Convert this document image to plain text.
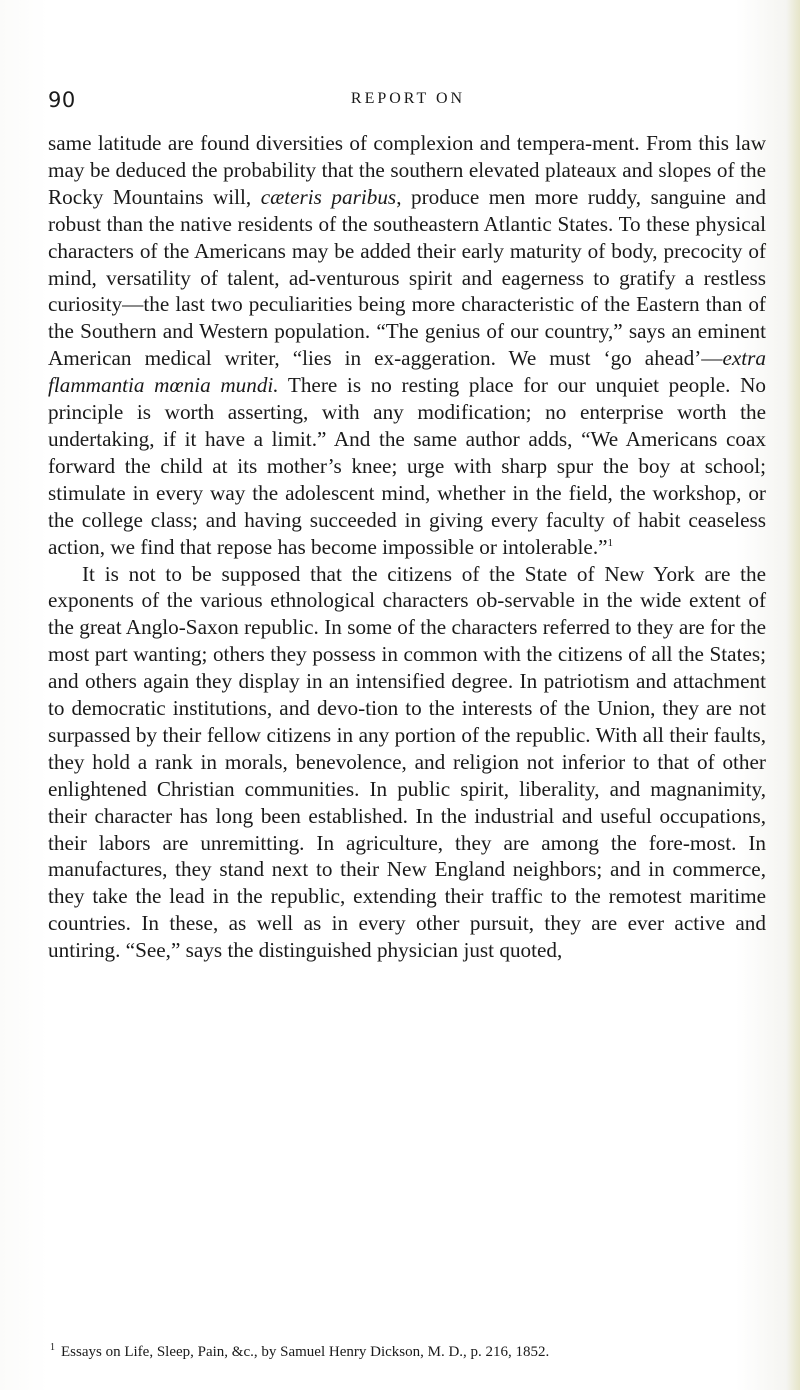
90	REPORT ON

same latitude are found diversities of complexion and tempera-ment. From this law may be deduced the probability that the southern elevated plateaux and slopes of the Rocky Mountains will, cæteris paribus, produce men more ruddy, sanguine and robust than the native residents of the southeastern Atlantic States. To these physical characters of the Americans may be added their early maturity of body, precocity of mind, versatility of talent, ad-venturous spirit and eagerness to gratify a restless curiosity—the last two peculiarities being more characteristic of the Eastern than of the Southern and Western population. “The genius of our country,” says an eminent American medical writer, “lies in ex-aggeration. We must ‘go ahead’—extra flammantia mœnia mundi. There is no resting place for our unquiet people. No principle is worth asserting, with any modification; no enterprise worth the undertaking, if it have a limit.” And the same author adds, “We Americans coax forward the child at its mother’s knee; urge with sharp spur the boy at school; stimulate in every way the adolescent mind, whether in the field, the workshop, or the college class; and having succeeded in giving every faculty of habit ceaseless action, we find that repose has become impossible or intolerable.”$^1$

It is not to be supposed that the citizens of the State of New York are the exponents of the various ethnological characters ob-servable in the wide extent of the great Anglo-Saxon republic. In some of the characters referred to they are for the most part wanting; others they possess in common with the citizens of all the States; and others again they display in an intensified degree. In patriotism and attachment to democratic institutions, and devo-tion to the interests of the Union, they are not surpassed by their fellow citizens in any portion of the republic. With all their faults, they hold a rank in morals, benevolence, and religion not inferior to that of other enlightened Christian communities. In public spirit, liberality, and magnanimity, their character has long been established. In the industrial and useful occupations, their labors are unremitting. In agriculture, they are among the fore-most. In manufactures, they stand next to their New England neighbors; and in commerce, they take the lead in the republic, extending their traffic to the remotest maritime countries. In these, as well as in every other pursuit, they are ever active and untiring. “See,” says the distinguished physician just quoted,

$^1$ Essays on Life, Sleep, Pain, &c., by Samuel Henry Dickson, M. D., p. 216, 1852.
